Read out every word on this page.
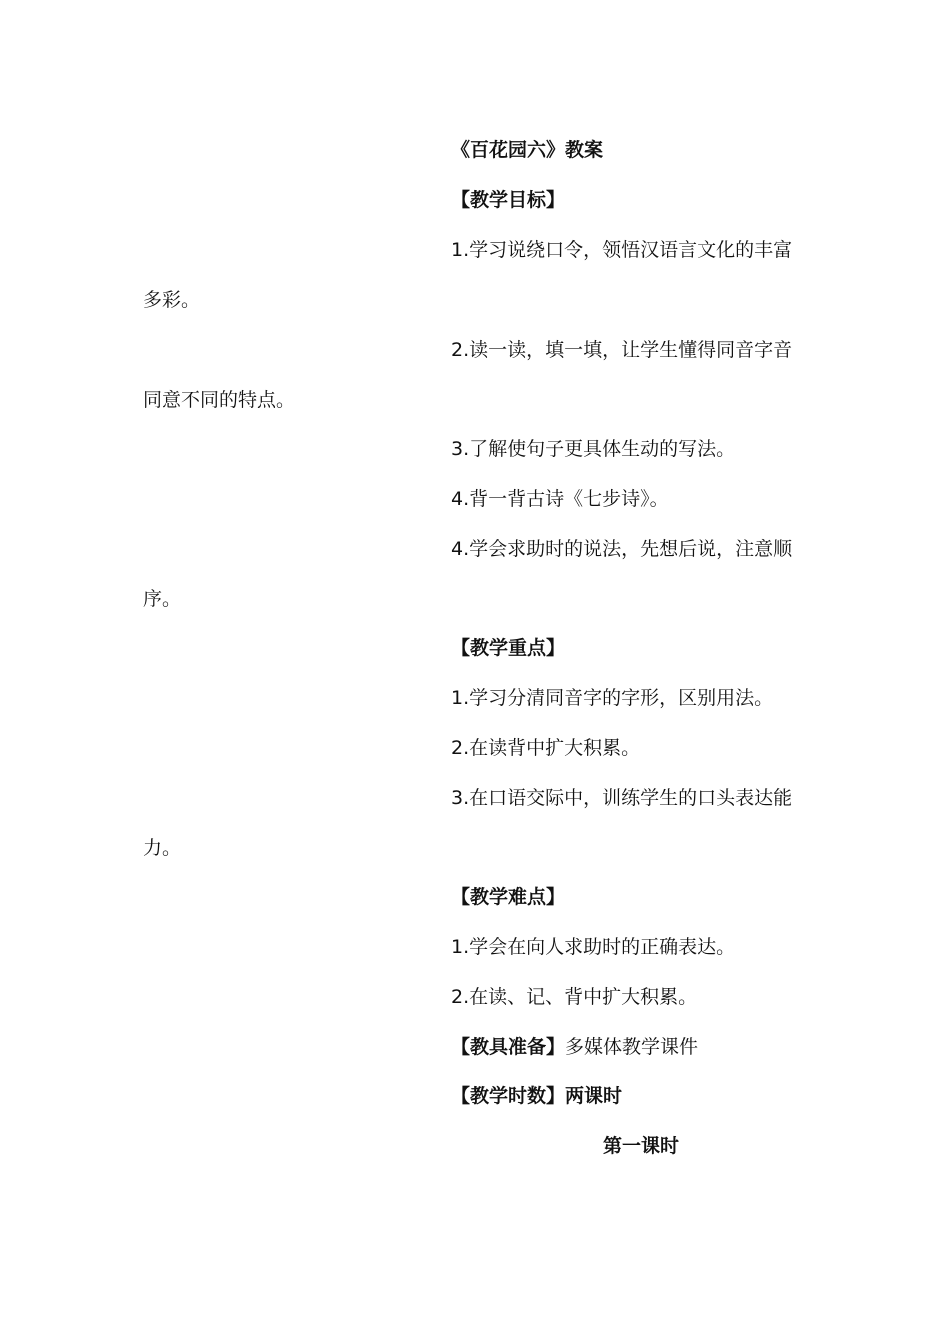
《百花园六》教案
【教学目标】
1.学习说绕口令，领悟汉语言文化的丰富
多彩。
2.读一读，填一填，让学生懂得同音字音
同意不同的特点。
3.了解使句子更具体生动的写法。
4.背一背古诗《七步诗》。
4.学会求助时的说法，先想后说，注意顺
序。
【教学重点】
1.学习分清同音字的字形，区别用法。
2.在读背中扩大积累。
3.在口语交际中，训练学生的口头表达能
力。
【教学难点】
1.学会在向人求助时的正确表达。
2.在读、记、背中扩大积累。
【教具准备】多媒体教学课件
【教学时数】两课时
第一课时
